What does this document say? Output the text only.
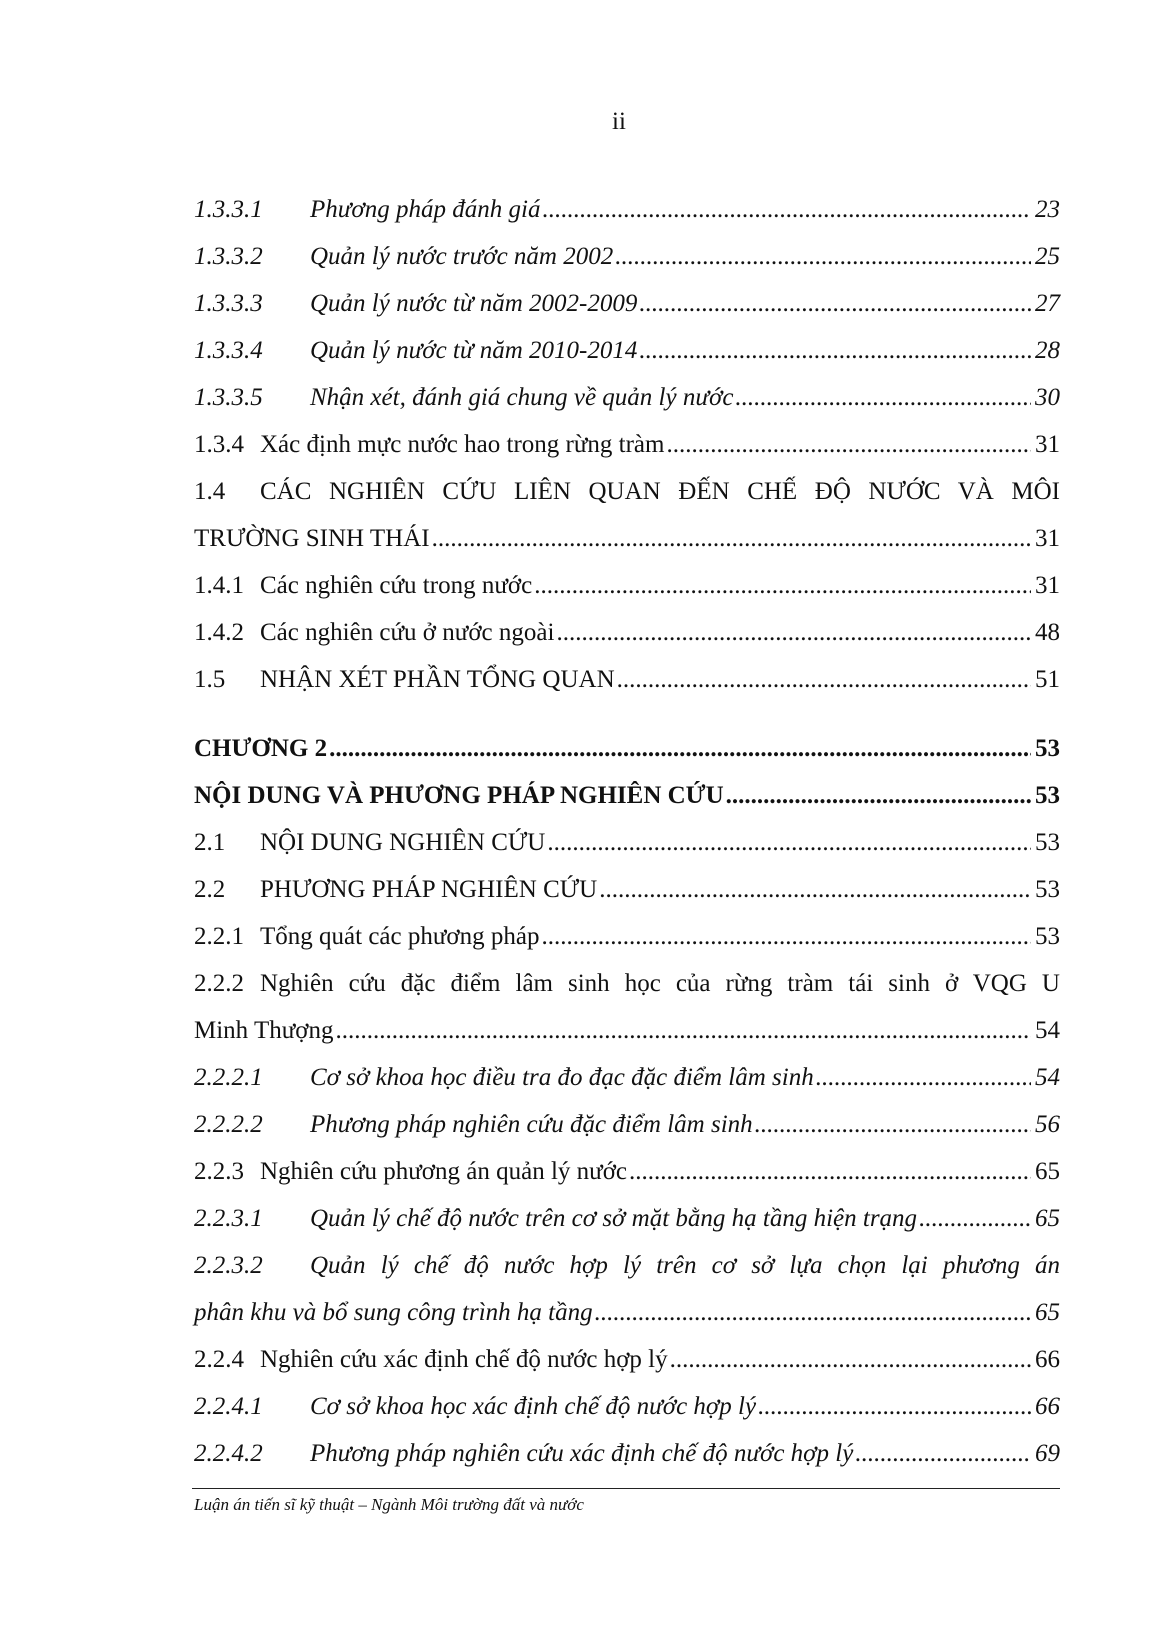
ii
1.3.3.1	Phương pháp đánh giá .....	23
1.3.3.2	Quản lý nước trước năm 2002 .....	25
1.3.3.3	Quản lý nước từ năm 2002-2009 .....	27
1.3.3.4	Quản lý nước từ năm 2010-2014 .....	28
1.3.3.5	Nhận xét, đánh giá chung về quản lý nước .....	30
1.3.4 Xác định mực nước hao trong rừng tràm .....	31
1.4	CÁC NGHIÊN CỨU LIÊN QUAN ĐẾN CHẾ ĐỘ NƯỚC VÀ MÔI
TRƯỜNG SINH THÁI .....	31
1.4.1 Các nghiên cứu trong nước .....	31
1.4.2 Các nghiên cứu ở nước ngoài .....	48
1.5	NHẬN XÉT PHẦN TỔNG QUAN .....	51
CHƯƠNG 2 .....	53
NỘI DUNG VÀ PHƯƠNG PHÁP NGHIÊN CỨU .....	53
2.1	NỘI DUNG NGHIÊN CỨU .....	53
2.2	PHƯƠNG PHÁP NGHIÊN CỨU .....	53
2.2.1 Tổng quát các phương pháp .....	53
2.2.2 Nghiên cứu đặc điểm lâm sinh học của rừng tràm tái sinh ở VQG U
Minh Thượng .....	54
2.2.2.1	Cơ sở khoa học điều tra đo đạc đặc điểm lâm sinh .....	54
2.2.2.2	Phương pháp nghiên cứu đặc điểm lâm sinh .....	56
2.2.3 Nghiên cứu phương án quản lý nước .....	65
2.2.3.1	Quản lý chế độ nước trên cơ sở mặt bằng hạ tầng hiện trạng .....	65
2.2.3.2	Quản lý chế độ nước hợp lý trên cơ sở lựa chọn lại phương án
phân khu và bổ sung công trình hạ tầng .....	65
2.2.4 Nghiên cứu xác định chế độ nước hợp lý .....	66
2.2.4.1	Cơ sở khoa học xác định chế độ nước hợp lý .....	66
2.2.4.2	Phương pháp nghiên cứu xác định chế độ nước hợp lý .....	69
Luận án tiến sĩ kỹ thuật – Ngành Môi trường đất và nước
